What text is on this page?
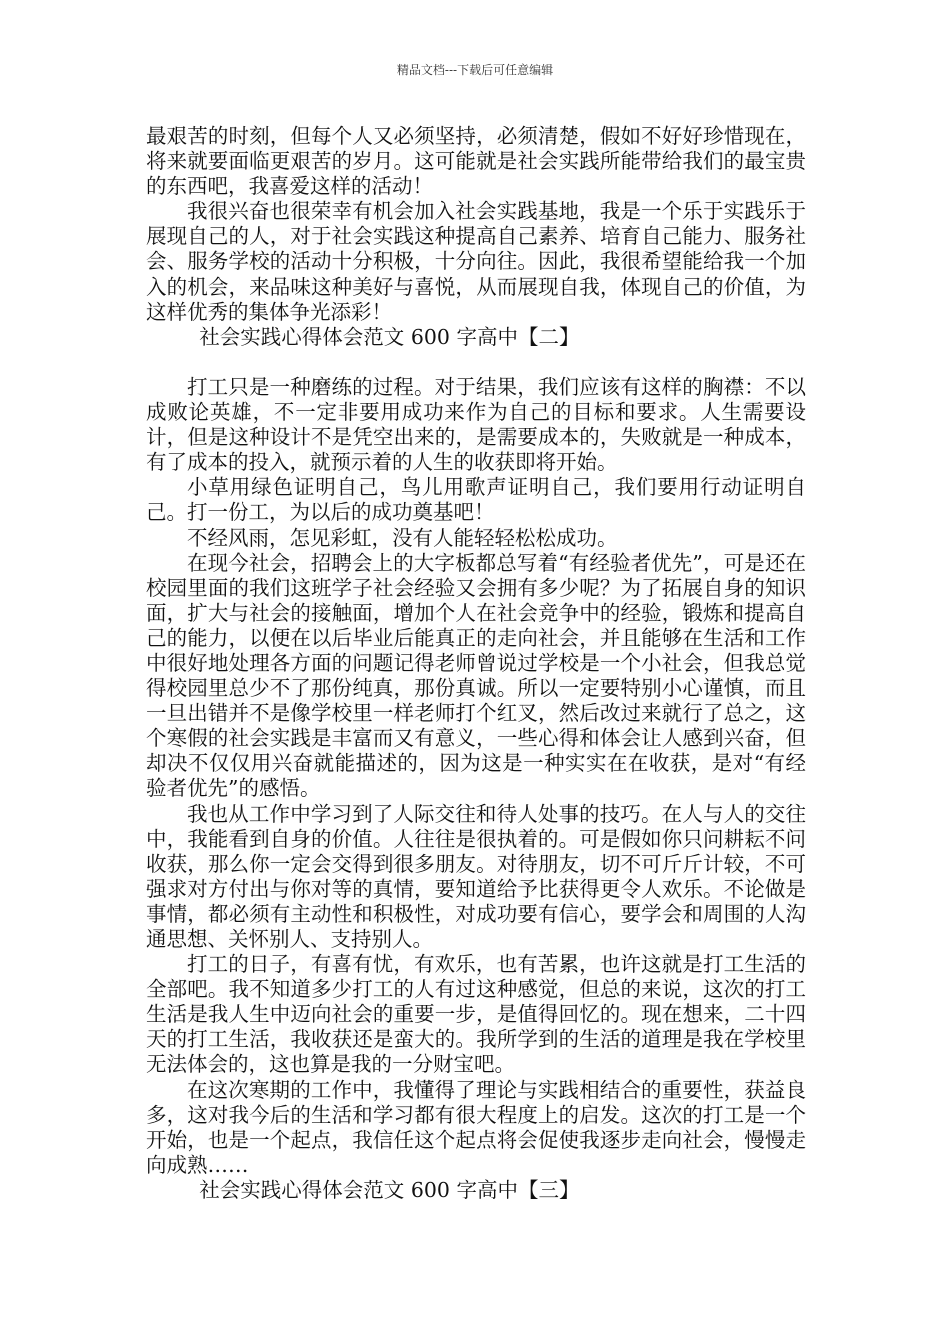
精品文档---下载后可任意编辑

最艰苦的时刻，但每个人又必须坚持，必须清楚，假如不好好珍惜现在，将来就要面临更艰苦的岁月。这可能就是社会实践所能带给我们的最宝贵的东西吧，我喜爱这样的活动！

我很兴奋也很荣幸有机会加入社会实践基地，我是一个乐于实践乐于展现自己的人，对于社会实践这种提高自己素养、培育自己能力、服务社会、服务学校的活动十分积极，十分向往。因此，我很希望能给我一个加入的机会，来品味这种美好与喜悦，从而展现自我，体现自己的价值，为这样优秀的集体争光添彩！

社会实践心得体会范文 600 字高中【二】

打工只是一种磨练的过程。对于结果，我们应该有这样的胸襟：不以成败论英雄，不一定非要用成功来作为自己的目标和要求。人生需要设计，但是这种设计不是凭空出来的，是需要成本的，失败就是一种成本，有了成本的投入，就预示着的人生的收获即将开始。

小草用绿色证明自己，鸟儿用歌声证明自己，我们要用行动证明自己。打一份工，为以后的成功奠基吧！

不经风雨，怎见彩虹，没有人能轻轻松松成功。

在现今社会，招聘会上的大字板都总写着“有经验者优先”，可是还在校园里面的我们这班学子社会经验又会拥有多少呢？为了拓展自身的知识面，扩大与社会的接触面，增加个人在社会竞争中的经验，锻炼和提高自己的能力，以便在以后毕业后能真正的走向社会，并且能够在生活和工作中很好地处理各方面的问题记得老师曾说过学校是一个小社会，但我总觉得校园里总少不了那份纯真，那份真诚。所以一定要特别小心谨慎，而且一旦出错并不是像学校里一样老师打个红叉，然后改过来就行了总之，这个寒假的社会实践是丰富而又有意义，一些心得和体会让人感到兴奋，但却决不仅仅用兴奋就能描述的，因为这是一种实实在在收获，是对“有经验者优先”的感悟。

我也从工作中学习到了人际交往和待人处事的技巧。在人与人的交往中，我能看到自身的价值。人往往是很执着的。可是假如你只问耕耘不问收获，那么你一定会交得到很多朋友。对待朋友，切不可斤斤计较，不可强求对方付出与你对等的真情，要知道给予比获得更令人欢乐。不论做是事情，都必须有主动性和积极性，对成功要有信心，要学会和周围的人沟通思想、关怀别人、支持别人。

打工的日子，有喜有忧，有欢乐，也有苦累，也许这就是打工生活的全部吧。我不知道多少打工的人有过这种感觉，但总的来说，这次的打工生活是我人生中迈向社会的重要一步，是值得回忆的。现在想来，二十四天的打工生活，我收获还是蛮大的。我所学到的生活的道理是我在学校里无法体会的，这也算是我的一分财宝吧。

在这次寒期的工作中，我懂得了理论与实践相结合的重要性，获益良多，这对我今后的生活和学习都有很大程度上的启发。这次的打工是一个开始，也是一个起点，我信任这个起点将会促使我逐步走向社会，慢慢走向成熟……

社会实践心得体会范文 600 字高中【三】
